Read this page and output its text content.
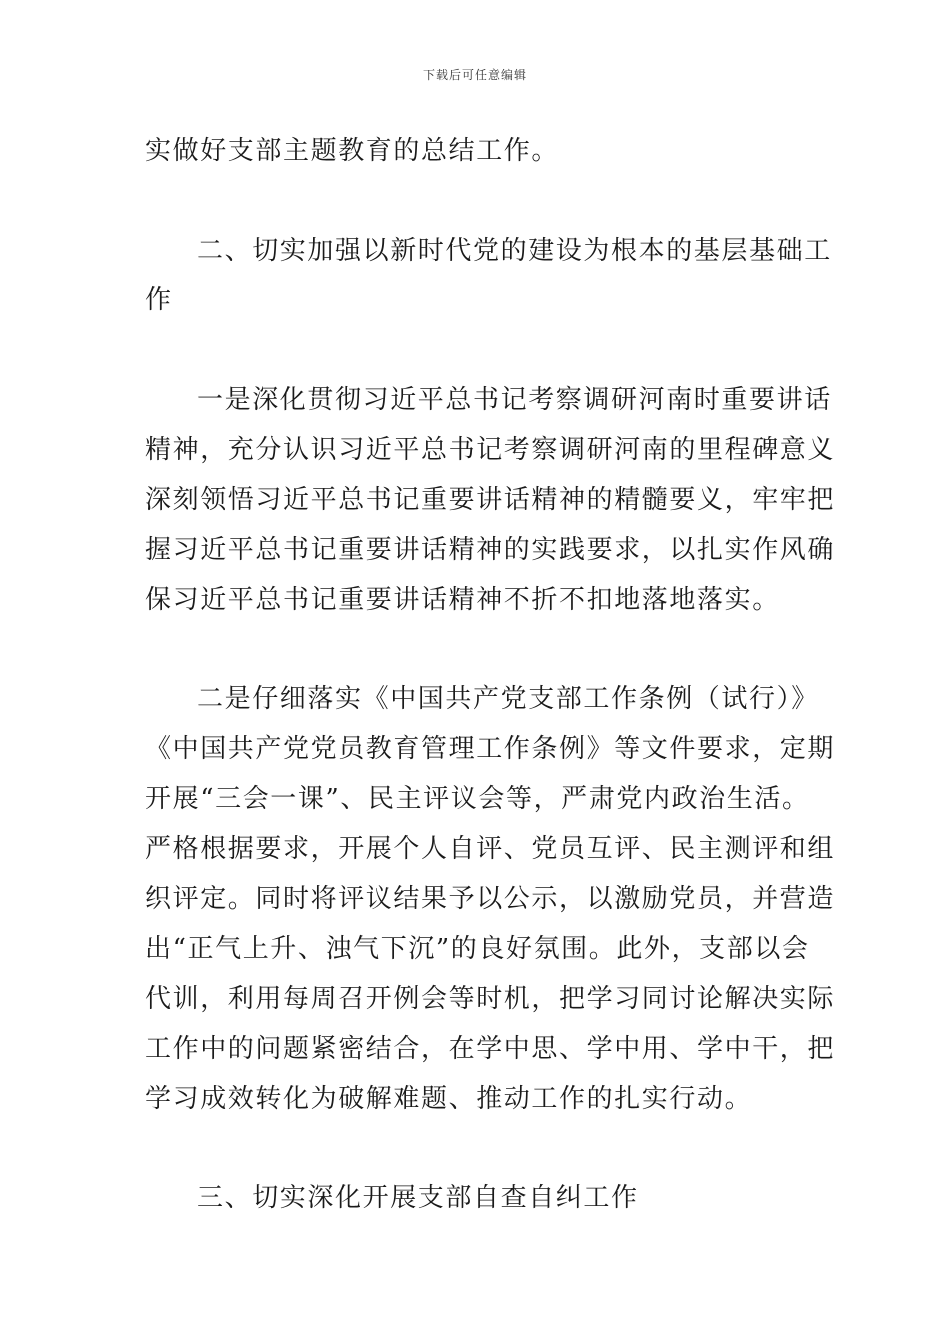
下载后可任意编辑
实做好支部主题教育的总结工作。
二、切实加强以新时代党的建设为根本的基层基础工
作
一是深化贯彻习近平总书记考察调研河南时重要讲话
精神，充分认识习近平总书记考察调研河南的里程碑意义
深刻领悟习近平总书记重要讲话精神的精髓要义，牢牢把
握习近平总书记重要讲话精神的实践要求，以扎实作风确
保习近平总书记重要讲话精神不折不扣地落地落实。
二是仔细落实《中国共产党支部工作条例（试行）》
《中国共产党党员教育管理工作条例》等文件要求，定期
开展“三会一课”、民主评议会等，严肃党内政治生活。
严格根据要求，开展个人自评、党员互评、民主测评和组
织评定。同时将评议结果予以公示，以激励党员，并营造
出“正气上升、浊气下沉”的良好氛围。此外，支部以会
代训，利用每周召开例会等时机，把学习同讨论解决实际
工作中的问题紧密结合，在学中思、学中用、学中干，把
学习成效转化为破解难题、推动工作的扎实行动。
三、切实深化开展支部自查自纠工作
